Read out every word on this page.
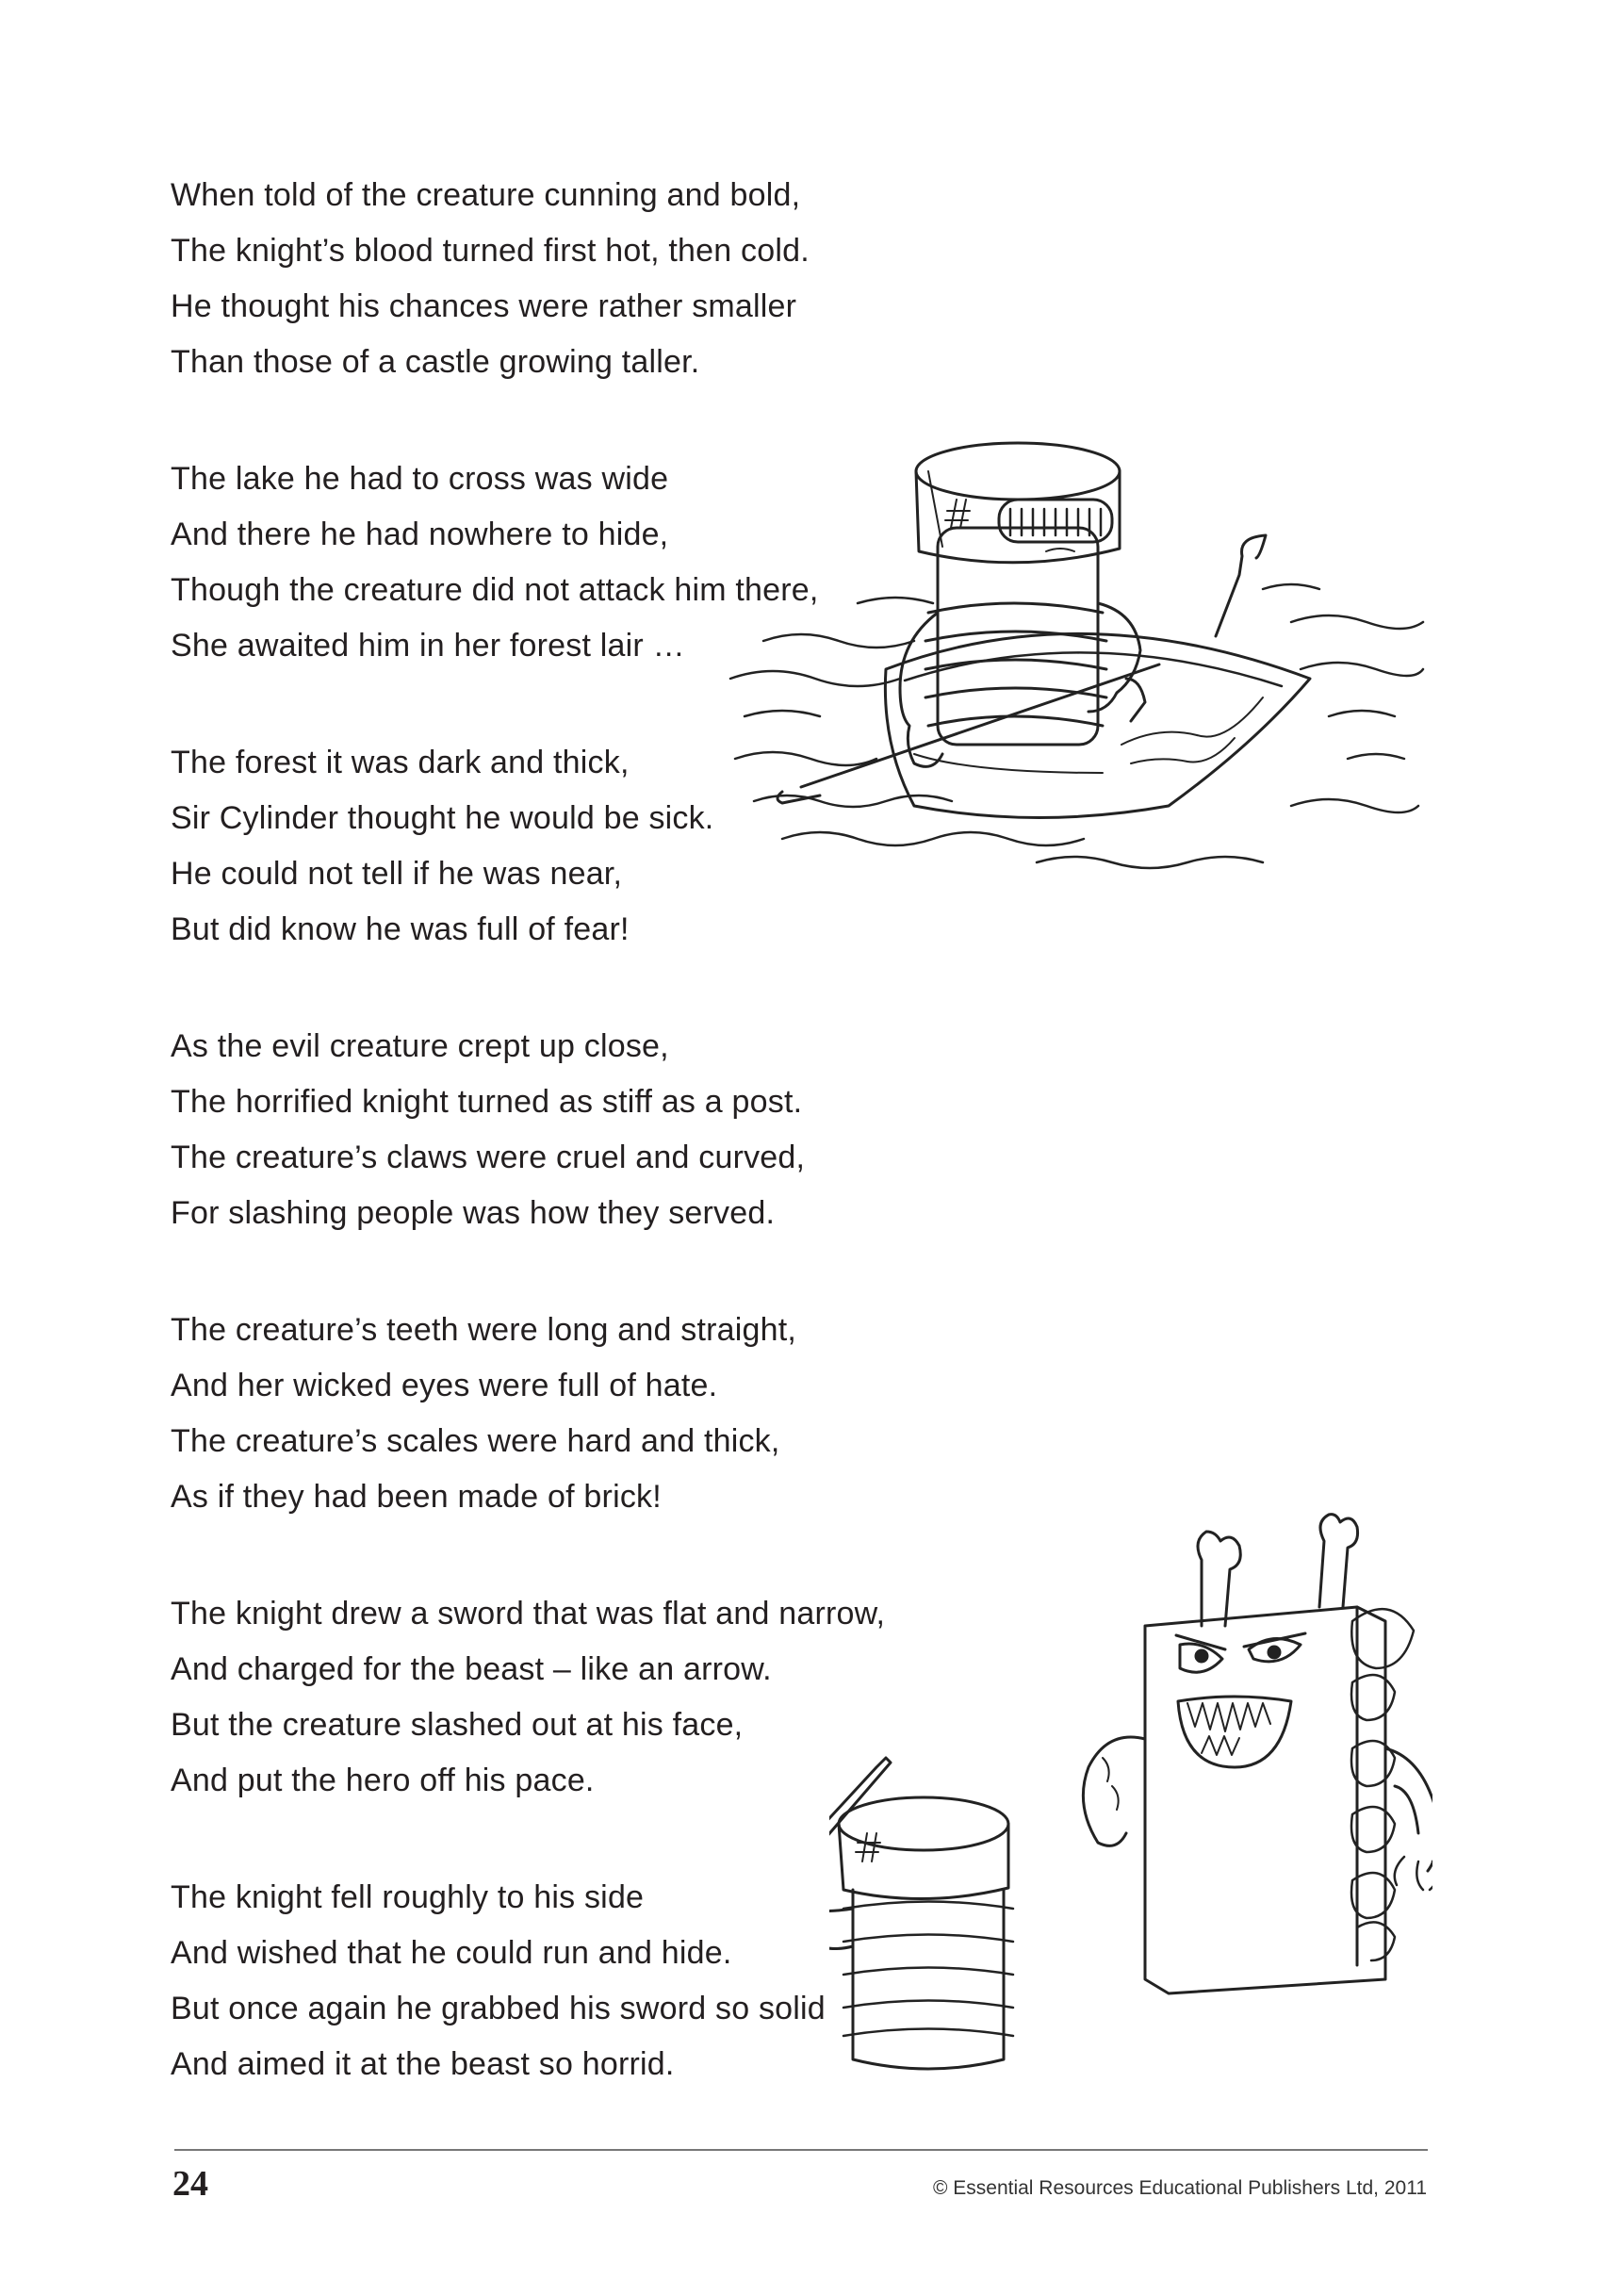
When told of the creature cunning and bold,
The knight’s blood turned first hot, then cold.
He thought his chances were rather smaller
Than those of a castle growing taller.
The lake he had to cross was wide
And there he had nowhere to hide,
Though the creature did not attack him there,
She awaited him in her forest lair …
The forest it was dark and thick,
Sir Cylinder thought he would be sick.
He could not tell if he was near,
But did know he was full of fear!
As the evil creature crept up close,
The horrified knight turned as stiff as a post.
The creature’s claws were cruel and curved,
For slashing people was how they served.
The creature’s teeth were long and straight,
And her wicked eyes were full of hate.
The creature’s scales were hard and thick,
As if they had been made of brick!
The knight drew a sword that was flat and narrow,
And charged for the beast – like an arrow.
But the creature slashed out at his face,
And put the hero off his pace.
The knight fell roughly to his side
And wished that he could run and hide.
But once again he grabbed his sword so solid
And aimed it at the beast so horrid.
24	© Essential Resources Educational Publishers Ltd, 2011
